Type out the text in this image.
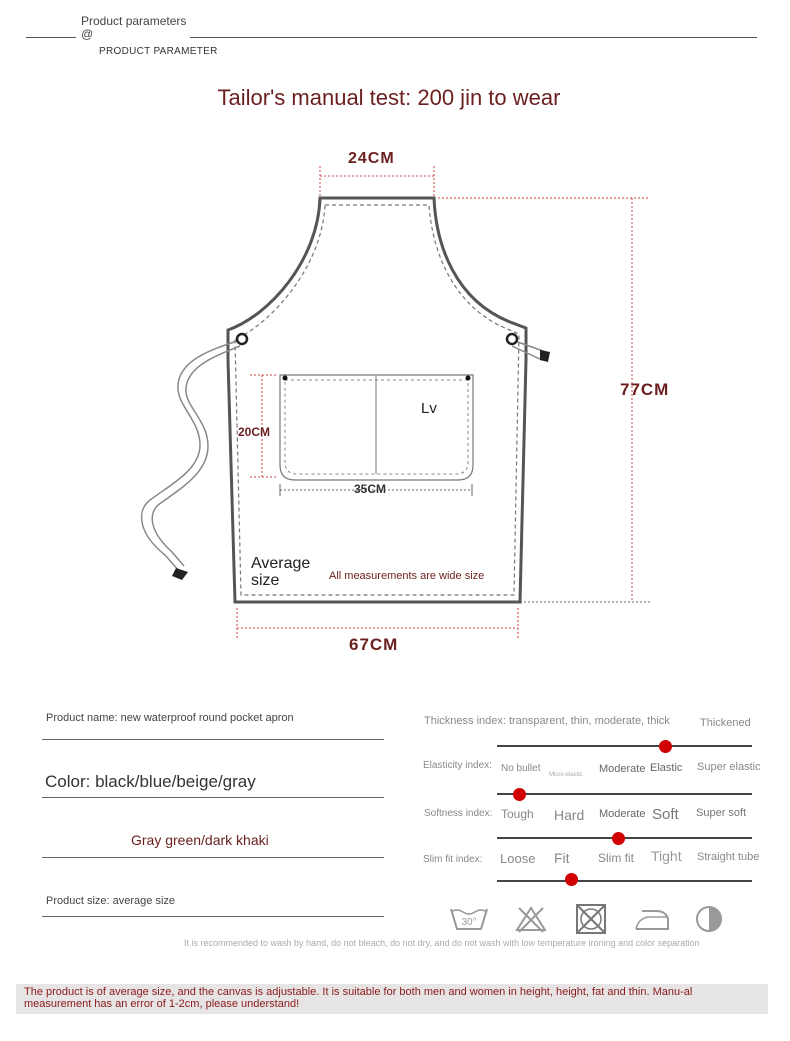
Product parameters
@
PRODUCT PARAMETER
Tailor's manual test: 200 jin to wear
24CM
77CM
20CM
35CM
67CM
Lv
Average size	All measurements are wide size
Product name: new waterproof round pocket apron
Color: black/blue/beige/gray
Gray green/dark khaki
Product size: average size
Thickness index: transparent, thin, moderate, thick	Thickened
Elasticity index: No bullet
Micro-elastic Moderate Elastic Super elastic
Softness index: Tough Hard Moderate Soft Super soft
Slim fit index: Loose Fit Slim fit Tight Straight tube
30°
It is recommended to wash by hand, do not bleach, do not dry, and do not wash with low temperature ironing and color separation
The product is of average size, and the canvas is adjustable. It is suitable for both men and women in height, height, fat and thin. Manu-al measurement has an error of 1-2cm, please understand!
